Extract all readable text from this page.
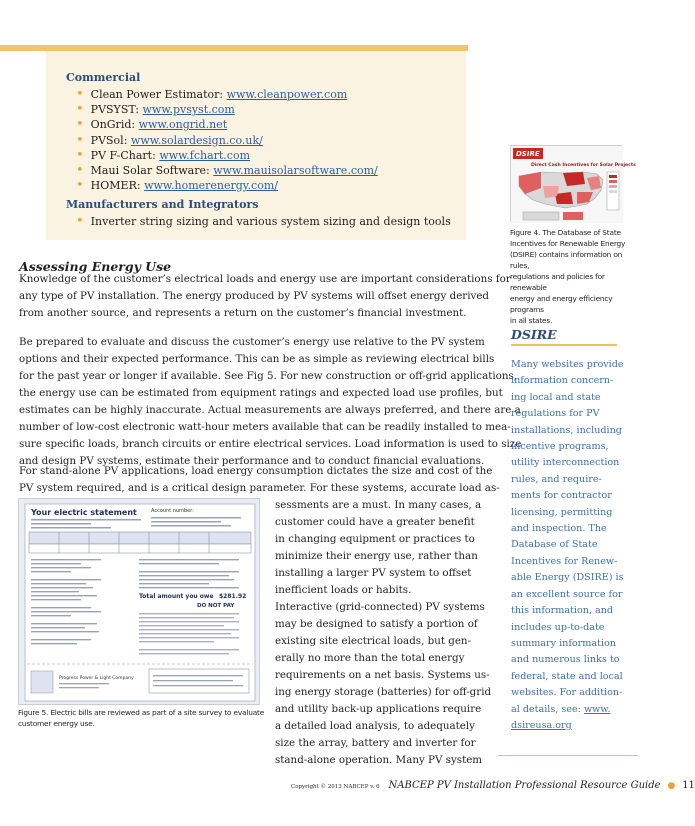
Commercial
• Clean Power Estimator: www.cleanpower.com
• PVSYST: www.pvsyst.com
• OnGrid: www.ongrid.net
• PVSol: www.solardesign.co.uk/
• PV F-Chart: www.fchart.com
• Maui Solar Software: www.mauisolarsoftware.com/
• HOMER: www.homerenergy.com/
Manufacturers and Integrators
• Inverter string sizing and various system sizing and design tools
Assessing Energy Use
Knowledge of the customer’s electrical loads and energy use are important considerations for
any type of PV installation. The energy produced by PV systems will offset energy derived
from another source, and represents a return on the customer’s financial investment.
Be prepared to evaluate and discuss the customer’s energy use relative to the PV system
options and their expected performance. This can be as simple as reviewing electrical bills
for the past year or longer if available. See Fig 5. For new construction or off-grid applications,
the energy use can be estimated from equipment ratings and expected load use profiles, but
estimates can be highly inaccurate. Actual measurements are always preferred, and there are a
number of low-cost electronic watt-hour meters available that can be readily installed to mea-
sure specific loads, branch circuits or entire electrical services. Load information is used to size
and design PV systems, estimate their performance and to conduct financial evaluations.
For stand-alone PV applications, load energy consumption dictates the size and cost of the
PV system required, and is a critical design parameter. For these systems, accurate load as-
sessments are a must. In many cases, a
customer could have a greater benefit
in changing equipment or practices to
minimize their energy use, rather than
installing a larger PV system to offset
inefficient loads or habits.
Interactive (grid-connected) PV systems
may be designed to satisfy a portion of
existing site electrical loads, but gen-
erally no more than the total energy
requirements on a net basis. Systems us-
ing energy storage (batteries) for off-grid
and utility back-up applications require
a detailed load analysis, to adequately
size the array, battery and inverter for
stand-alone operation. Many PV system
Your electric statement	Account number:
Total amount you owe $281.92
DO NOT PAY
Progress Power & Light Company
Figure 5. Electric bills are reviewed as part of a site survey to evaluate
customer energy use.
DSIRE
Direct Cash Incentives for Solar Projects
Figure 4. The Database of State
Incentives for Renewable Energy
(DSIRE) contains information on rules,
regulations and policies for renewable
energy and energy efficiency programs
in all states.
DSIRE

Many websites provide

information concern-

ing local and state

regulations for PV

installations, including

incentive programs,

utility interconnection

rules, and require-

ments for contractor

licensing, permitting

and inspection. The

Database of State

Incentives for Renew-

able Energy (DSIRE) is

an excellent source for

this information, and

includes up-to-date

summary information

and numerous links to

federal, state and local

websites. For addition-

al details, see: www.

dsireusa.org

Copyright © 2013 NABCEP v. 6 NABCEP PV Installation Professional Resource Guide ● 11
